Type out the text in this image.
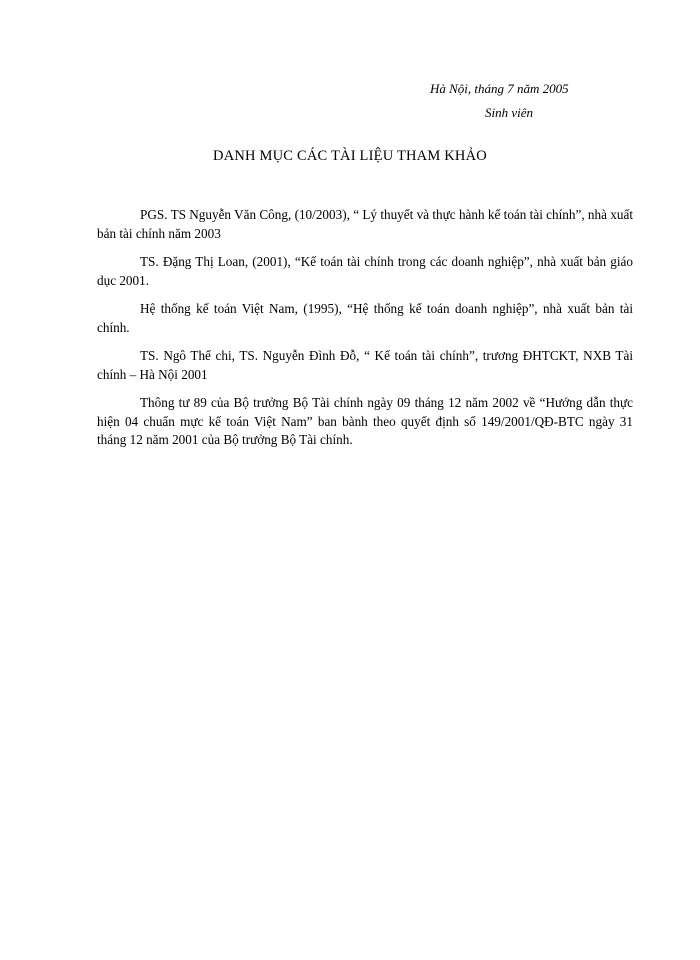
Hà Nội, tháng 7 năm 2005
Sinh viên
DANH MỤC CÁC TÀI LIỆU THAM KHẢO

PGS. TS Nguyễn Văn Công, (10/2003), “ Lý thuyết và thực hành kế toán tài chính”, nhà xuất bản tài chính năm 2003

TS. Đặng Thị Loan, (2001), “Kế toán tài chính trong các doanh nghiệp”, nhà xuất bản giáo dục 2001.

Hệ thống kế toán Việt Nam, (1995), “Hệ thống kế toán doanh nghiệp”, nhà xuất bản tài chính.

TS. Ngô Thế chi, TS. Nguyễn Đình Đỗ, “ Kế toán tài chính”, trương ĐHTCKT, NXB Tài chính – Hà Nội 2001

Thông tư 89 của Bộ trưởng Bộ Tài chính ngày 09 tháng 12 năm 2002 về “Hướng dẫn thực hiện 04 chuẩn mực kế toán Việt Nam” ban bành theo quyết định số 149/2001/QĐ-BTC ngày 31 tháng 12 năm 2001 của Bộ trưởng Bộ Tài chính.
